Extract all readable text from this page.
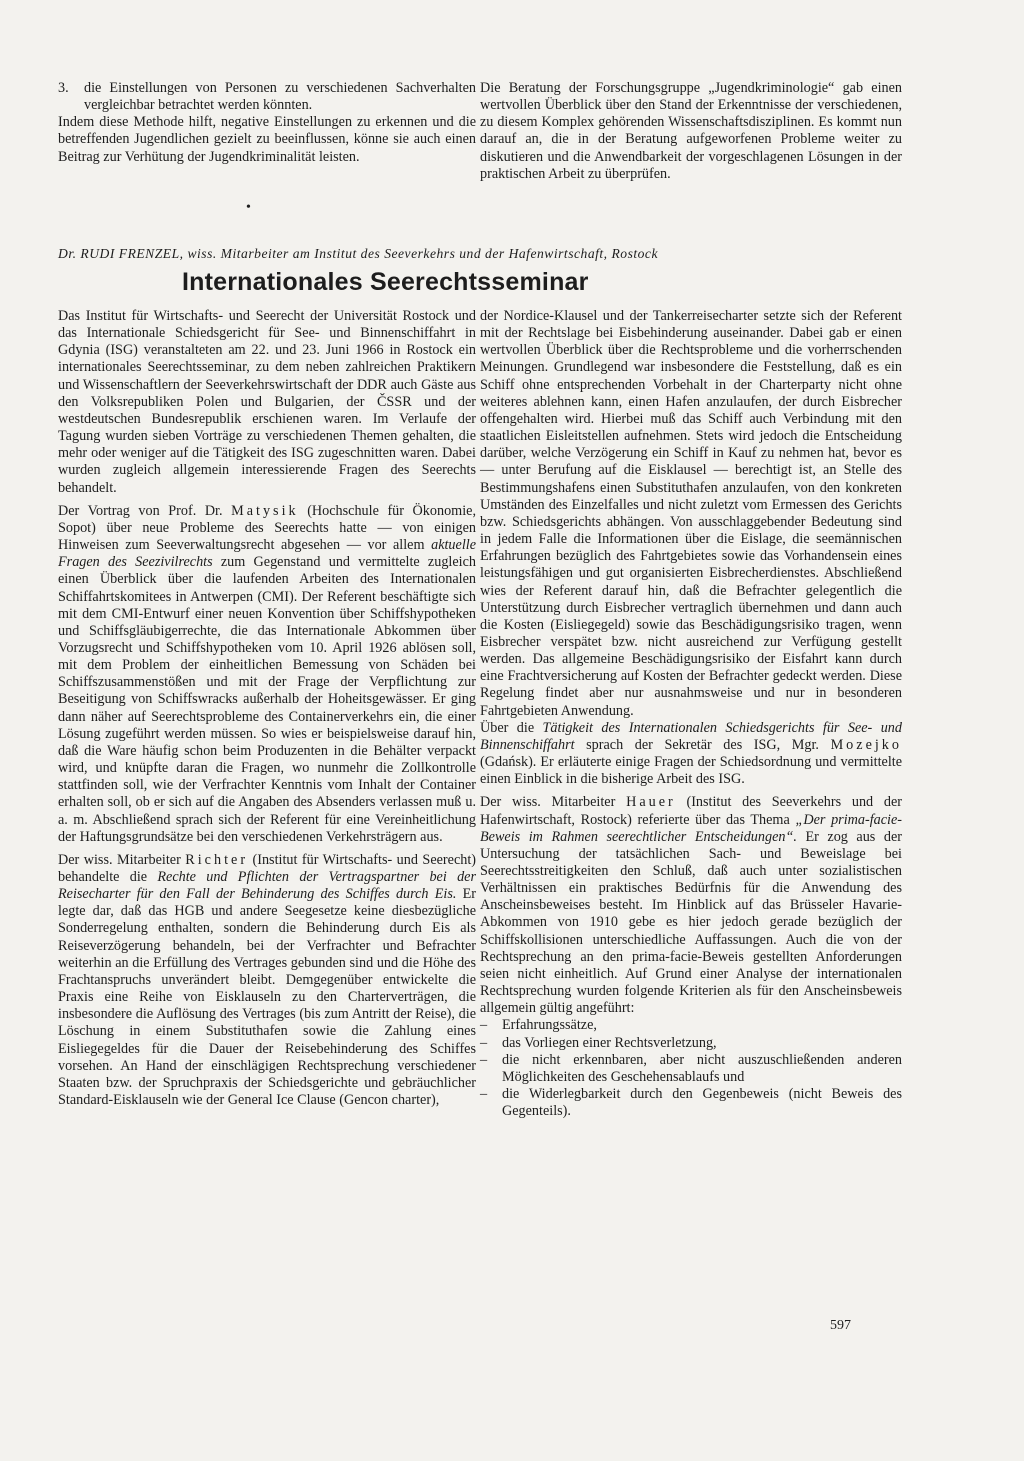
3. die Einstellungen von Personen zu verschiedenen Sachverhalten vergleichbar betrachtet werden könnten.

Indem diese Methode hilft, negative Einstellungen zu erkennen und die betreffenden Jugendlichen gezielt zu beeinflussen, könne sie auch einen Beitrag zur Verhütung der Jugendkriminalität leisten.

•

Die Beratung der Forschungsgruppe „Jugendkriminologie“ gab einen wertvollen Überblick über den Stand der Erkenntnisse der verschiedenen, zu diesem Komplex gehörenden Wissenschaftsdisziplinen. Es kommt nun darauf an, die in der Beratung aufgeworfenen Probleme weiter zu diskutieren und die Anwendbarkeit der vorgeschlagenen Lösungen in der praktischen Arbeit zu überprüfen.

Dr. RUDI FRENZEL, wiss. Mitarbeiter am Institut des Seeverkehrs und der Hafenwirtschaft, Rostock
Internationales Seerechtsseminar

Das Institut für Wirtschafts- und Seerecht der Universität Rostock und das Internationale Schiedsgericht für See- und Binnenschiffahrt in Gdynia (ISG) veranstalteten am 22. und 23. Juni 1966 in Rostock ein internationales Seerechtsseminar, zu dem neben zahlreichen Praktikern und Wissenschaftlern der Seeverkehrswirtschaft der DDR auch Gäste aus den Volksrepubliken Polen und Bulgarien, der ČSSR und der westdeutschen Bundesrepublik erschienen waren. Im Verlaufe der Tagung wurden sieben Vorträge zu verschiedenen Themen gehalten, die mehr oder weniger auf die Tätigkeit des ISG zugeschnitten waren. Dabei wurden zugleich allgemein interessierende Fragen des Seerechts behandelt.

Der Vortrag von Prof. Dr. Matysik (Hochschule für Ökonomie, Sopot) über neue Probleme des Seerechts hatte — von einigen Hinweisen zum Seeverwaltungsrecht abgesehen — vor allem aktuelle Fragen des Seezivilrechts zum Gegenstand und vermittelte zugleich einen Überblick über die laufenden Arbeiten des Internationalen Schiffahrtskomitees in Antwerpen (CMI). Der Referent beschäftigte sich mit dem CMI-Entwurf einer neuen Konvention über Schiffshypotheken und Schiffsgläubigerrechte, die das Internationale Abkommen über Vorzugsrecht und Schiffshypotheken vom 10. April 1926 ablösen soll, mit dem Problem der einheitlichen Bemessung von Schäden bei Schiffszusammenstößen und mit der Frage der Verpflichtung zur Beseitigung von Schiffswracks außerhalb der Hoheitsgewässer. Er ging dann näher auf Seerechtsprobleme des Containerverkehrs ein, die einer Lösung zugeführt werden müssen. So wies er beispielsweise darauf hin, daß die Ware häufig schon beim Produzenten in die Behälter verpackt wird, und knüpfte daran die Fragen, wo nunmehr die Zollkontrolle stattfinden soll, wie der Verfrachter Kenntnis vom Inhalt der Container erhalten soll, ob er sich auf die Angaben des Absenders verlassen muß u. a. m. Abschließend sprach sich der Referent für eine Vereinheitlichung der Haftungsgrundsätze bei den verschiedenen Verkehrsträgern aus.

Der wiss. Mitarbeiter Richter (Institut für Wirtschafts- und Seerecht) behandelte die Rechte und Pflichten der Vertragspartner bei der Reisecharter für den Fall der Behinderung des Schiffes durch Eis. Er legte dar, daß das HGB und andere Seegesetze keine diesbezügliche Sonderregelung enthalten, sondern die Behinderung durch Eis als Reiseverzögerung behandeln, bei der Verfrachter und Befrachter weiterhin an die Erfüllung des Vertrages gebunden sind und die Höhe des Frachtanspruchs unverändert bleibt. Demgegenüber entwickelte die Praxis eine Reihe von Eisklauseln zu den Charterverträgen, die insbesondere die Auflösung des Vertrages (bis zum Antritt der Reise), die Löschung in einem Substituthafen sowie die Zahlung eines Eisliegegeldes für die Dauer der Reisebehinderung des Schiffes vorsehen. An Hand der einschlägigen Rechtsprechung verschiedener Staaten bzw. der Spruchpraxis der Schiedsgerichte und gebräuchlicher Standard-Eisklauseln wie der General Ice Clause (Gencon charter),

der Nordice-Klausel und der Tankerreisecharter setzte sich der Referent mit der Rechtslage bei Eisbehinderung auseinander. Dabei gab er einen wertvollen Überblick über die Rechtsprobleme und die vorherrschenden Meinungen. Grundlegend war insbesondere die Feststellung, daß es ein Schiff ohne entsprechenden Vorbehalt in der Charterparty nicht ohne weiteres ablehnen kann, einen Hafen anzulaufen, der durch Eisbrecher offengehalten wird. Hierbei muß das Schiff auch Verbindung mit den staatlichen Eisleitstellen aufnehmen. Stets wird jedoch die Entscheidung darüber, welche Verzögerung ein Schiff in Kauf zu nehmen hat, bevor es — unter Berufung auf die Eisklausel — berechtigt ist, an Stelle des Bestimmungshafens einen Substituthafen anzulaufen, von den konkreten Umständen des Einzelfalles und nicht zuletzt vom Ermessen des Gerichts bzw. Schiedsgerichts abhängen. Von ausschlaggebender Bedeutung sind in jedem Falle die Informationen über die Eislage, die seemännischen Erfahrungen bezüglich des Fahrtgebietes sowie das Vorhandensein eines leistungsfähigen und gut organisierten Eisbrecherdienstes. Abschließend wies der Referent darauf hin, daß die Befrachter gelegentlich die Unterstützung durch Eisbrecher vertraglich übernehmen und dann auch die Kosten (Eisliegegeld) sowie das Beschädigungsrisiko tragen, wenn Eisbrecher verspätet bzw. nicht ausreichend zur Verfügung gestellt werden. Das allgemeine Beschädigungsrisiko der Eisfahrt kann durch eine Frachtversicherung auf Kosten der Befrachter gedeckt werden. Diese Regelung findet aber nur ausnahmsweise und nur in besonderen Fahrtgebieten Anwendung.

Über die Tätigkeit des Internationalen Schiedsgerichts für See- und Binnenschiffahrt sprach der Sekretär des ISG, Mgr. Mozejko (Gdańsk). Er erläuterte einige Fragen der Schiedsordnung und vermittelte einen Einblick in die bisherige Arbeit des ISG.

Der wiss. Mitarbeiter Hauer (Institut des Seeverkehrs und der Hafenwirtschaft, Rostock) referierte über das Thema „Der prima-facie-Beweis im Rahmen seerechtlicher Entscheidungen“. Er zog aus der Untersuchung der tatsächlichen Sach- und Beweislage bei Seerechtsstreitigkeiten den Schluß, daß auch unter sozialistischen Verhältnissen ein praktisches Bedürfnis für die Anwendung des Anscheinsbeweises besteht. Im Hinblick auf das Brüsseler Havarie-Abkommen von 1910 gebe es hier jedoch gerade bezüglich der Schiffskollisionen unterschiedliche Auffassungen. Auch die von der Rechtsprechung an den prima-facie-Beweis gestellten Anforderungen seien nicht einheitlich. Auf Grund einer Analyse der internationalen Rechtsprechung wurden folgende Kriterien als für den Anscheinsbeweis allgemein gültig angeführt:

– Erfahrungssätze,
– das Vorliegen einer Rechtsverletzung,
– die nicht erkennbaren, aber nicht auszuschließenden anderen Möglichkeiten des Geschehensablaufs und
– die Widerlegbarkeit durch den Gegenbeweis (nicht Beweis des Gegenteils).
597
